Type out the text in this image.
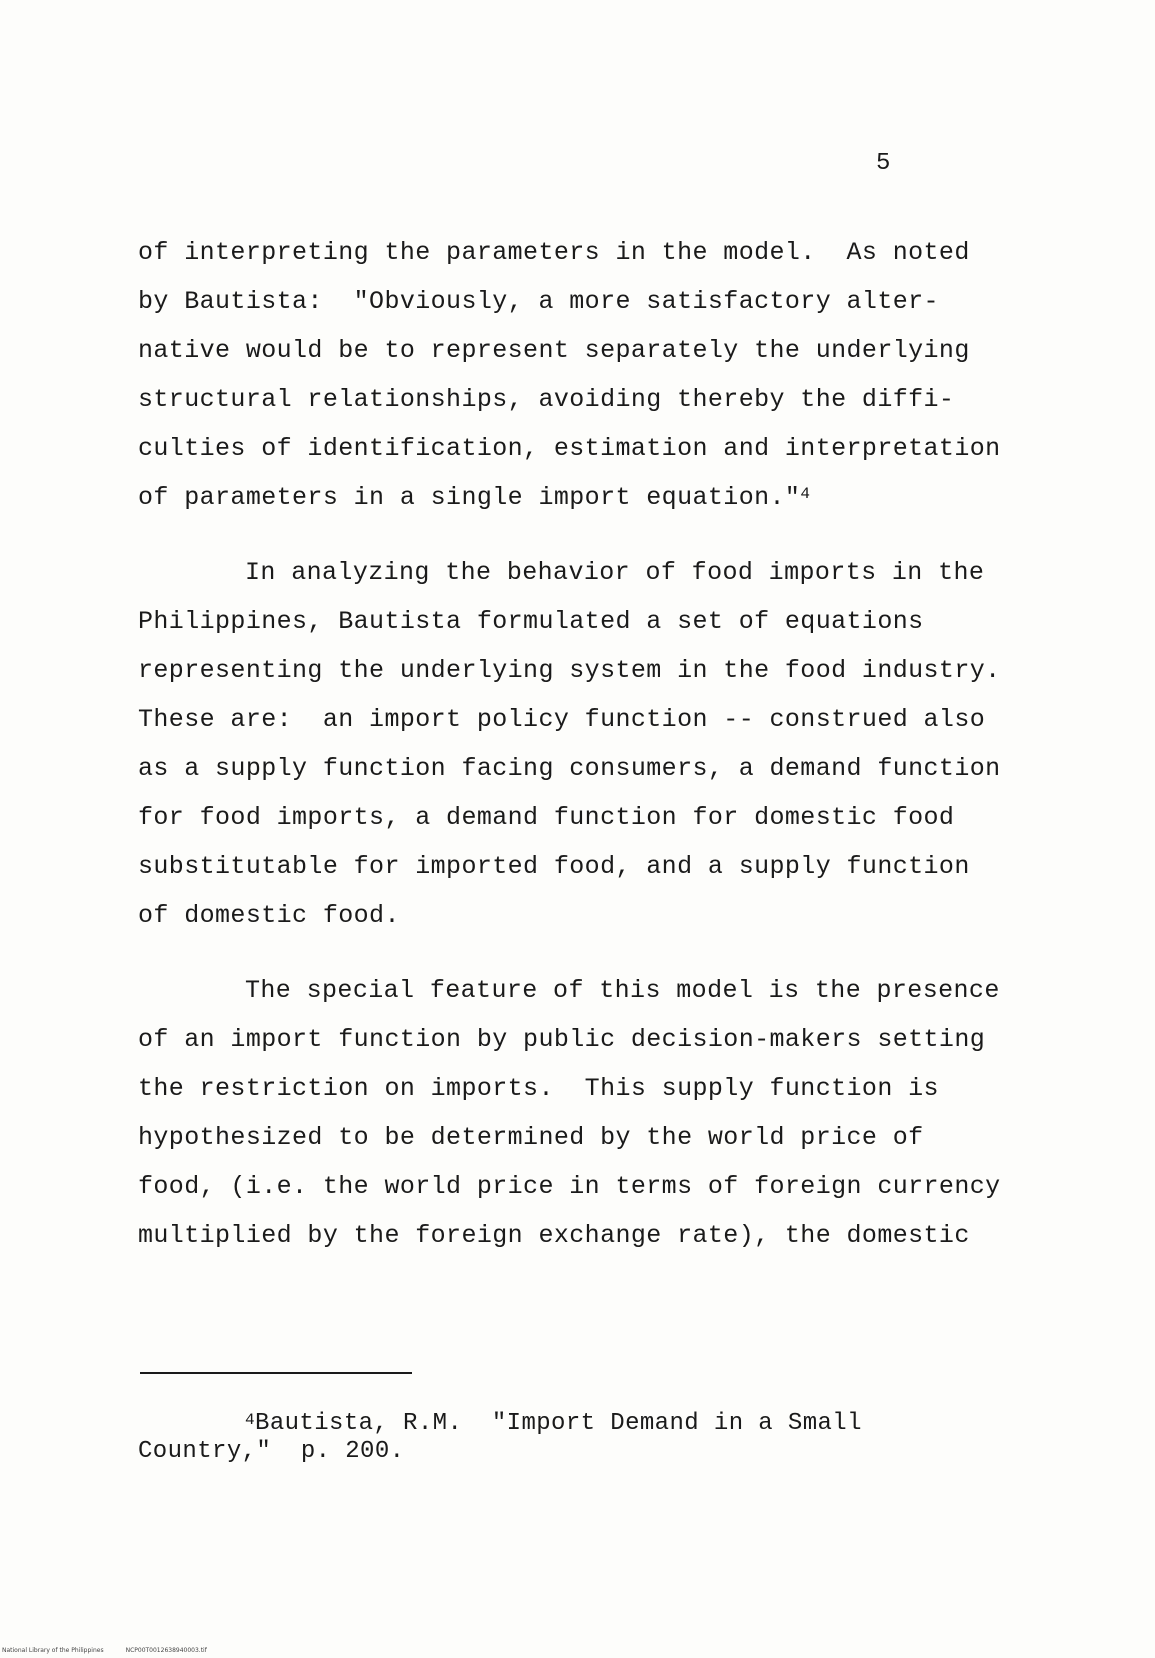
5
of interpreting the parameters in the model.  As noted
by Bautista:  "Obviously, a more satisfactory alter-
native would be to represent separately the underlying
structural relationships, avoiding thereby the diffi-
culties of identification, estimation and interpretation
of parameters in a single import equation."$^4$
In analyzing the behavior of food imports in the
Philippines, Bautista formulated a set of equations
representing the underlying system in the food industry.
These are:  an import policy function -- construed also
as a supply function facing consumers, a demand function
for food imports, a demand function for domestic food
substitutable for imported food, and a supply function
of domestic food.
The special feature of this model is the presence
of an import function by public decision-makers setting
the restriction on imports.  This supply function is
hypothesized to be determined by the world price of
food, (i.e. the world price in terms of foreign currency
multiplied by the foreign exchange rate), the domestic
$^4$Bautista, R.M.  "Import Demand in a Small
Country,"  p. 200.
National Library of the Philippines	NCP00T0012638940003.tif
